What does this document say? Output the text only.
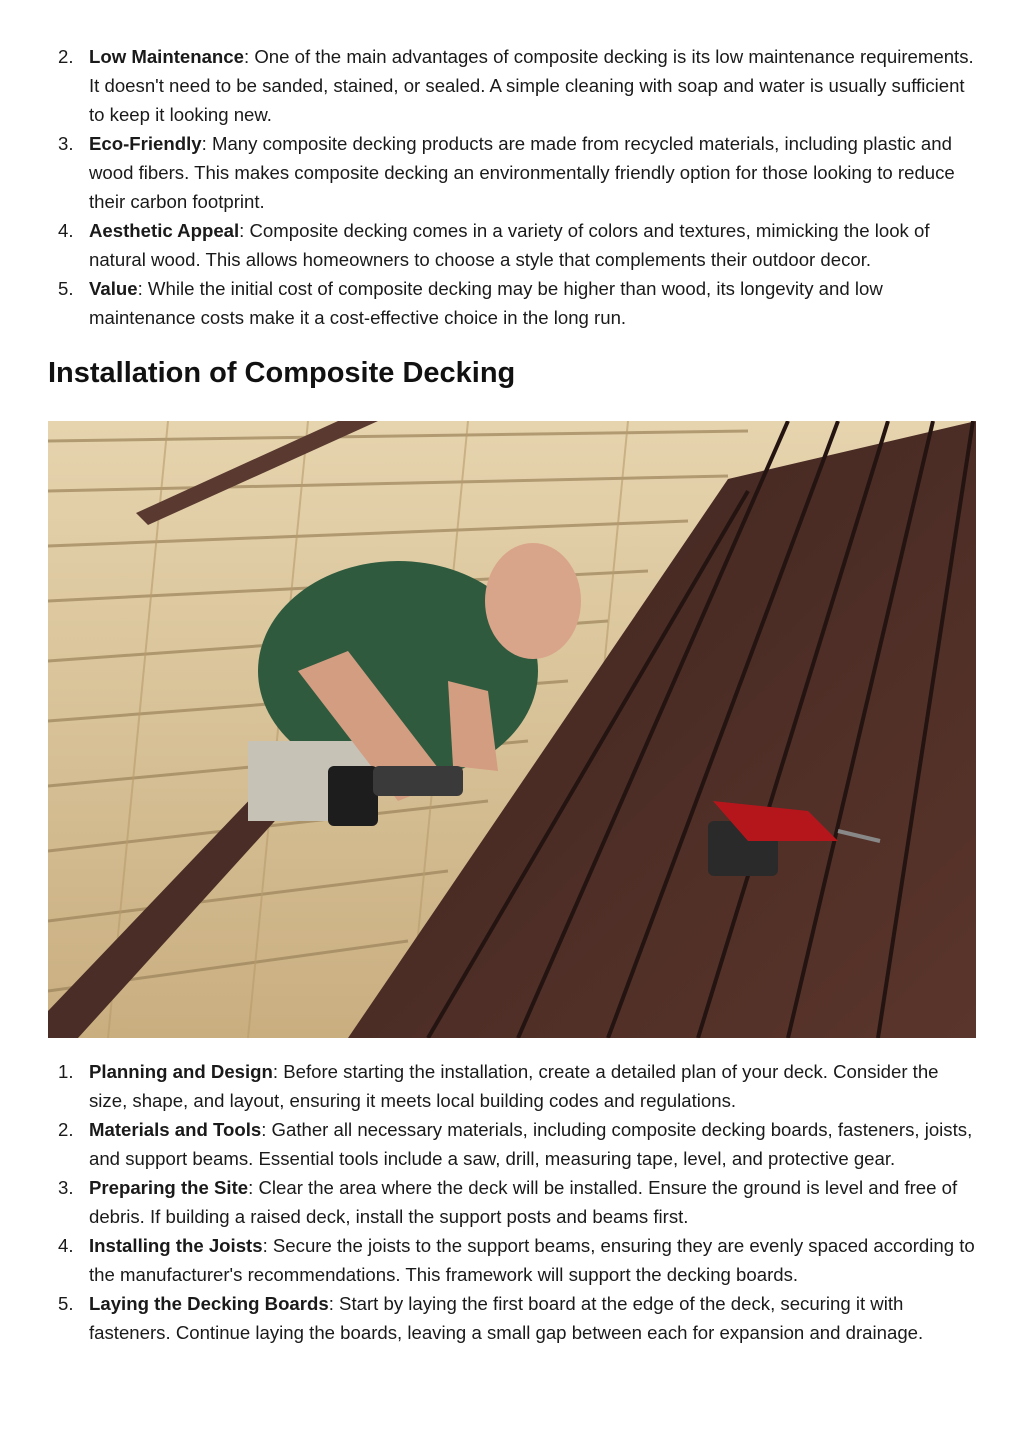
2. Low Maintenance: One of the main advantages of composite decking is its low maintenance requirements. It doesn't need to be sanded, stained, or sealed. A simple cleaning with soap and water is usually sufficient to keep it looking new.
3. Eco-Friendly: Many composite decking products are made from recycled materials, including plastic and wood fibers. This makes composite decking an environmentally friendly option for those looking to reduce their carbon footprint.
4. Aesthetic Appeal: Composite decking comes in a variety of colors and textures, mimicking the look of natural wood. This allows homeowners to choose a style that complements their outdoor decor.
5. Value: While the initial cost of composite decking may be higher than wood, its longevity and low maintenance costs make it a cost-effective choice in the long run.
Installation of Composite Decking
1. Planning and Design: Before starting the installation, create a detailed plan of your deck. Consider the size, shape, and layout, ensuring it meets local building codes and regulations.
2. Materials and Tools: Gather all necessary materials, including composite decking boards, fasteners, joists, and support beams. Essential tools include a saw, drill, measuring tape, level, and protective gear.
3. Preparing the Site: Clear the area where the deck will be installed. Ensure the ground is level and free of debris. If building a raised deck, install the support posts and beams first.
4. Installing the Joists: Secure the joists to the support beams, ensuring they are evenly spaced according to the manufacturer's recommendations. This framework will support the decking boards.
5. Laying the Decking Boards: Start by laying the first board at the edge of the deck, securing it with fasteners. Continue laying the boards, leaving a small gap between each for expansion and drainage.
